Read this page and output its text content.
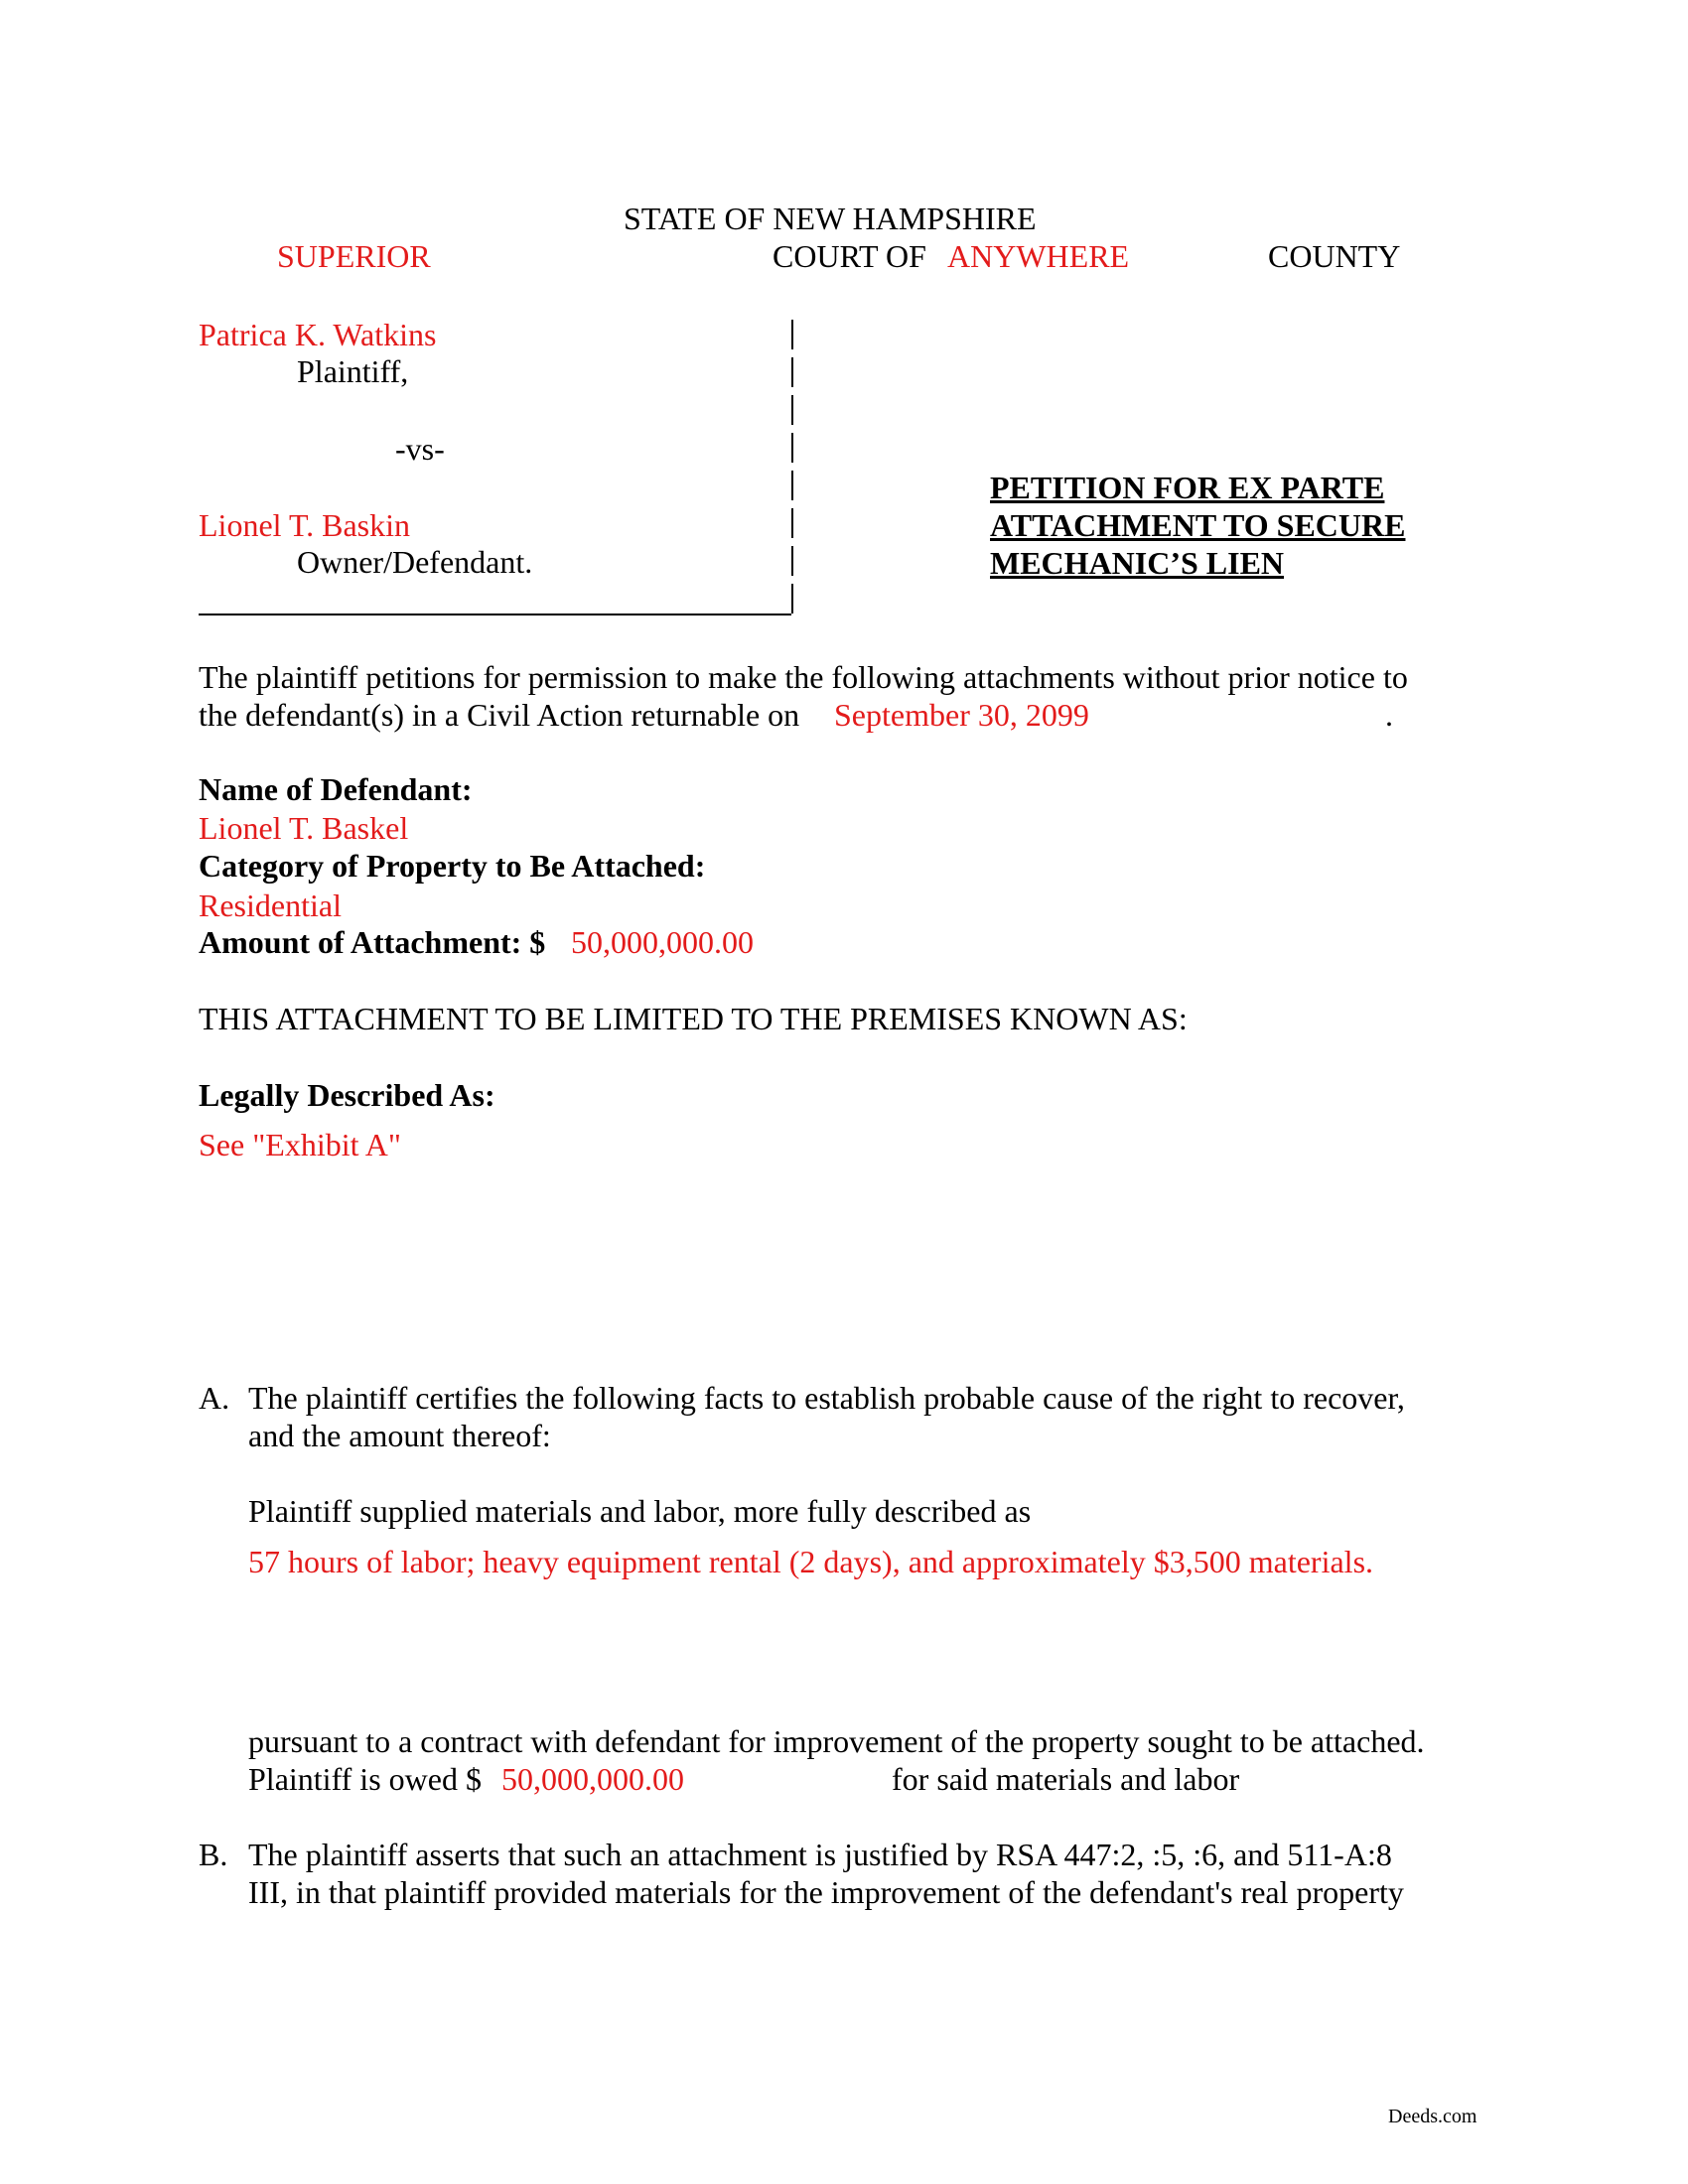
STATE OF NEW HAMPSHIRE
SUPERIOR	COURT OF ANYWHERE	COUNTY
Patrica K. Watkins
Plaintiff,
-vs-
Lionel T. Baskin
Owner/Defendant.
PETITION FOR EX PARTE
ATTACHMENT TO SECURE
MECHANIC’S LIEN
The plaintiff petitions for permission to make the following attachments without prior notice to
the defendant(s) in a Civil Action returnable on September 30, 2099	.
Name of Defendant:
Lionel T. Baskel
Category of Property to Be Attached:
Residential
Amount of Attachment: $ 50,000,000.00
THIS ATTACHMENT TO BE LIMITED TO THE PREMISES KNOWN AS:
Legally Described As:
See "Exhibit A"
A. The plaintiff certifies the following facts to establish probable cause of the right to recover,
and the amount thereof:
Plaintiff supplied materials and labor, more fully described as
57 hours of labor; heavy equipment rental (2 days), and approximately $3,500 materials.
pursuant to a contract with defendant for improvement of the property sought to be attached.
Plaintiff is owed $ 50,000,000.00	for said materials and labor
B. The plaintiff asserts that such an attachment is justified by RSA 447:2, :5, :6, and 511-A:8
III, in that plaintiff provided materials for the improvement of the defendant's real property
Deeds.com
